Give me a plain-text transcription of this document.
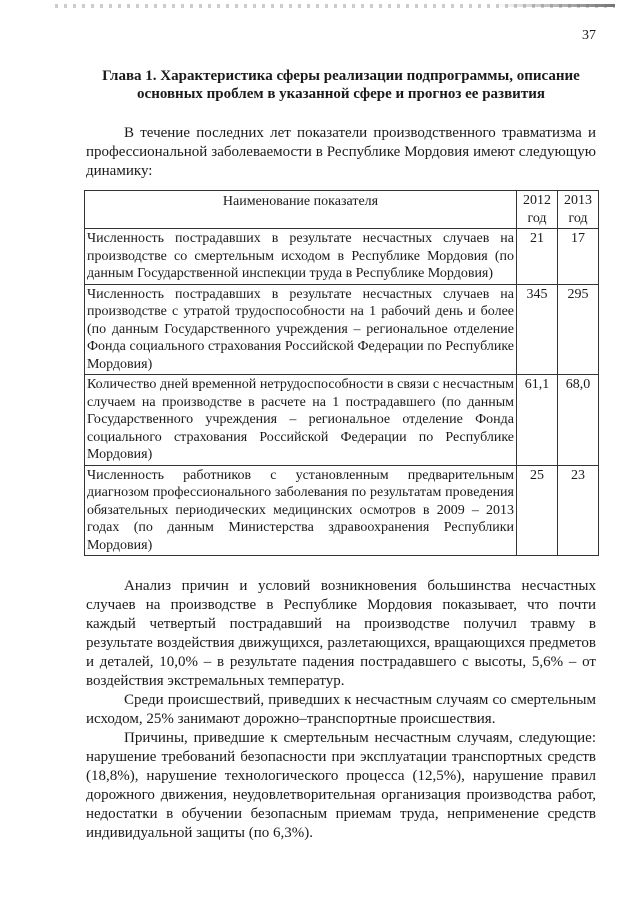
37
Глава 1. Характеристика сферы реализации подпрограммы, описание основных проблем в указанной сфере и прогноз ее развития
В течение последних лет показатели производственного травматизма и профессиональной заболеваемости в Республике Мордовия имеют следующую динамику:
Наименование показателя	2012 год	2013 год
Численность пострадавших в результате несчастных случаев на производстве со смертельным исходом в Республике Мордовия (по данным Государственной инспекции труда в Республике Мордовия)	21	17
Численность пострадавших в результате несчастных случаев на производстве с утратой трудоспособности на 1 рабочий день и более (по данным Государственного учреждения – региональное отделение Фонда социального страхования Российской Федерации по Республике Мордовия)	345	295
Количество дней временной нетрудоспособности в связи с несчастным случаем на производстве в расчете на 1 пострадавшего (по данным Государственного учреждения – региональное отделение Фонда социального страхования Российской Федерации по Республике Мордовия)	61,1	68,0
Численность работников с установленным предварительным диагнозом профессионального заболевания по результатам проведения обязательных периодических медицинских осмотров в 2009 – 2013 годах (по данным Министерства здравоохранения Республики Мордовия)	25	23

Анализ причин и условий возникновения большинства несчастных случаев на производстве в Республике Мордовия показывает, что почти каждый четвертый пострадавший на производстве получил травму в результате воздействия движущихся, разлетающихся, вращающихся предметов и деталей, 10,0% – в результате падения пострадавшего с высоты, 5,6% – от воздействия экстремальных температур.

Среди происшествий, приведших к несчастным случаям со смертельным исходом, 25% занимают дорожно–транспортные происшествия.

Причины, приведшие к смертельным несчастным случаям, следующие: нарушение требований безопасности при эксплуатации транспортных средств (18,8%), нарушение технологического процесса (12,5%), нарушение правил дорожного движения, неудовлетворительная организация производства работ, недостатки в обучении безопасным приемам труда, неприменение средств индивидуальной защиты (по 6,3%).
